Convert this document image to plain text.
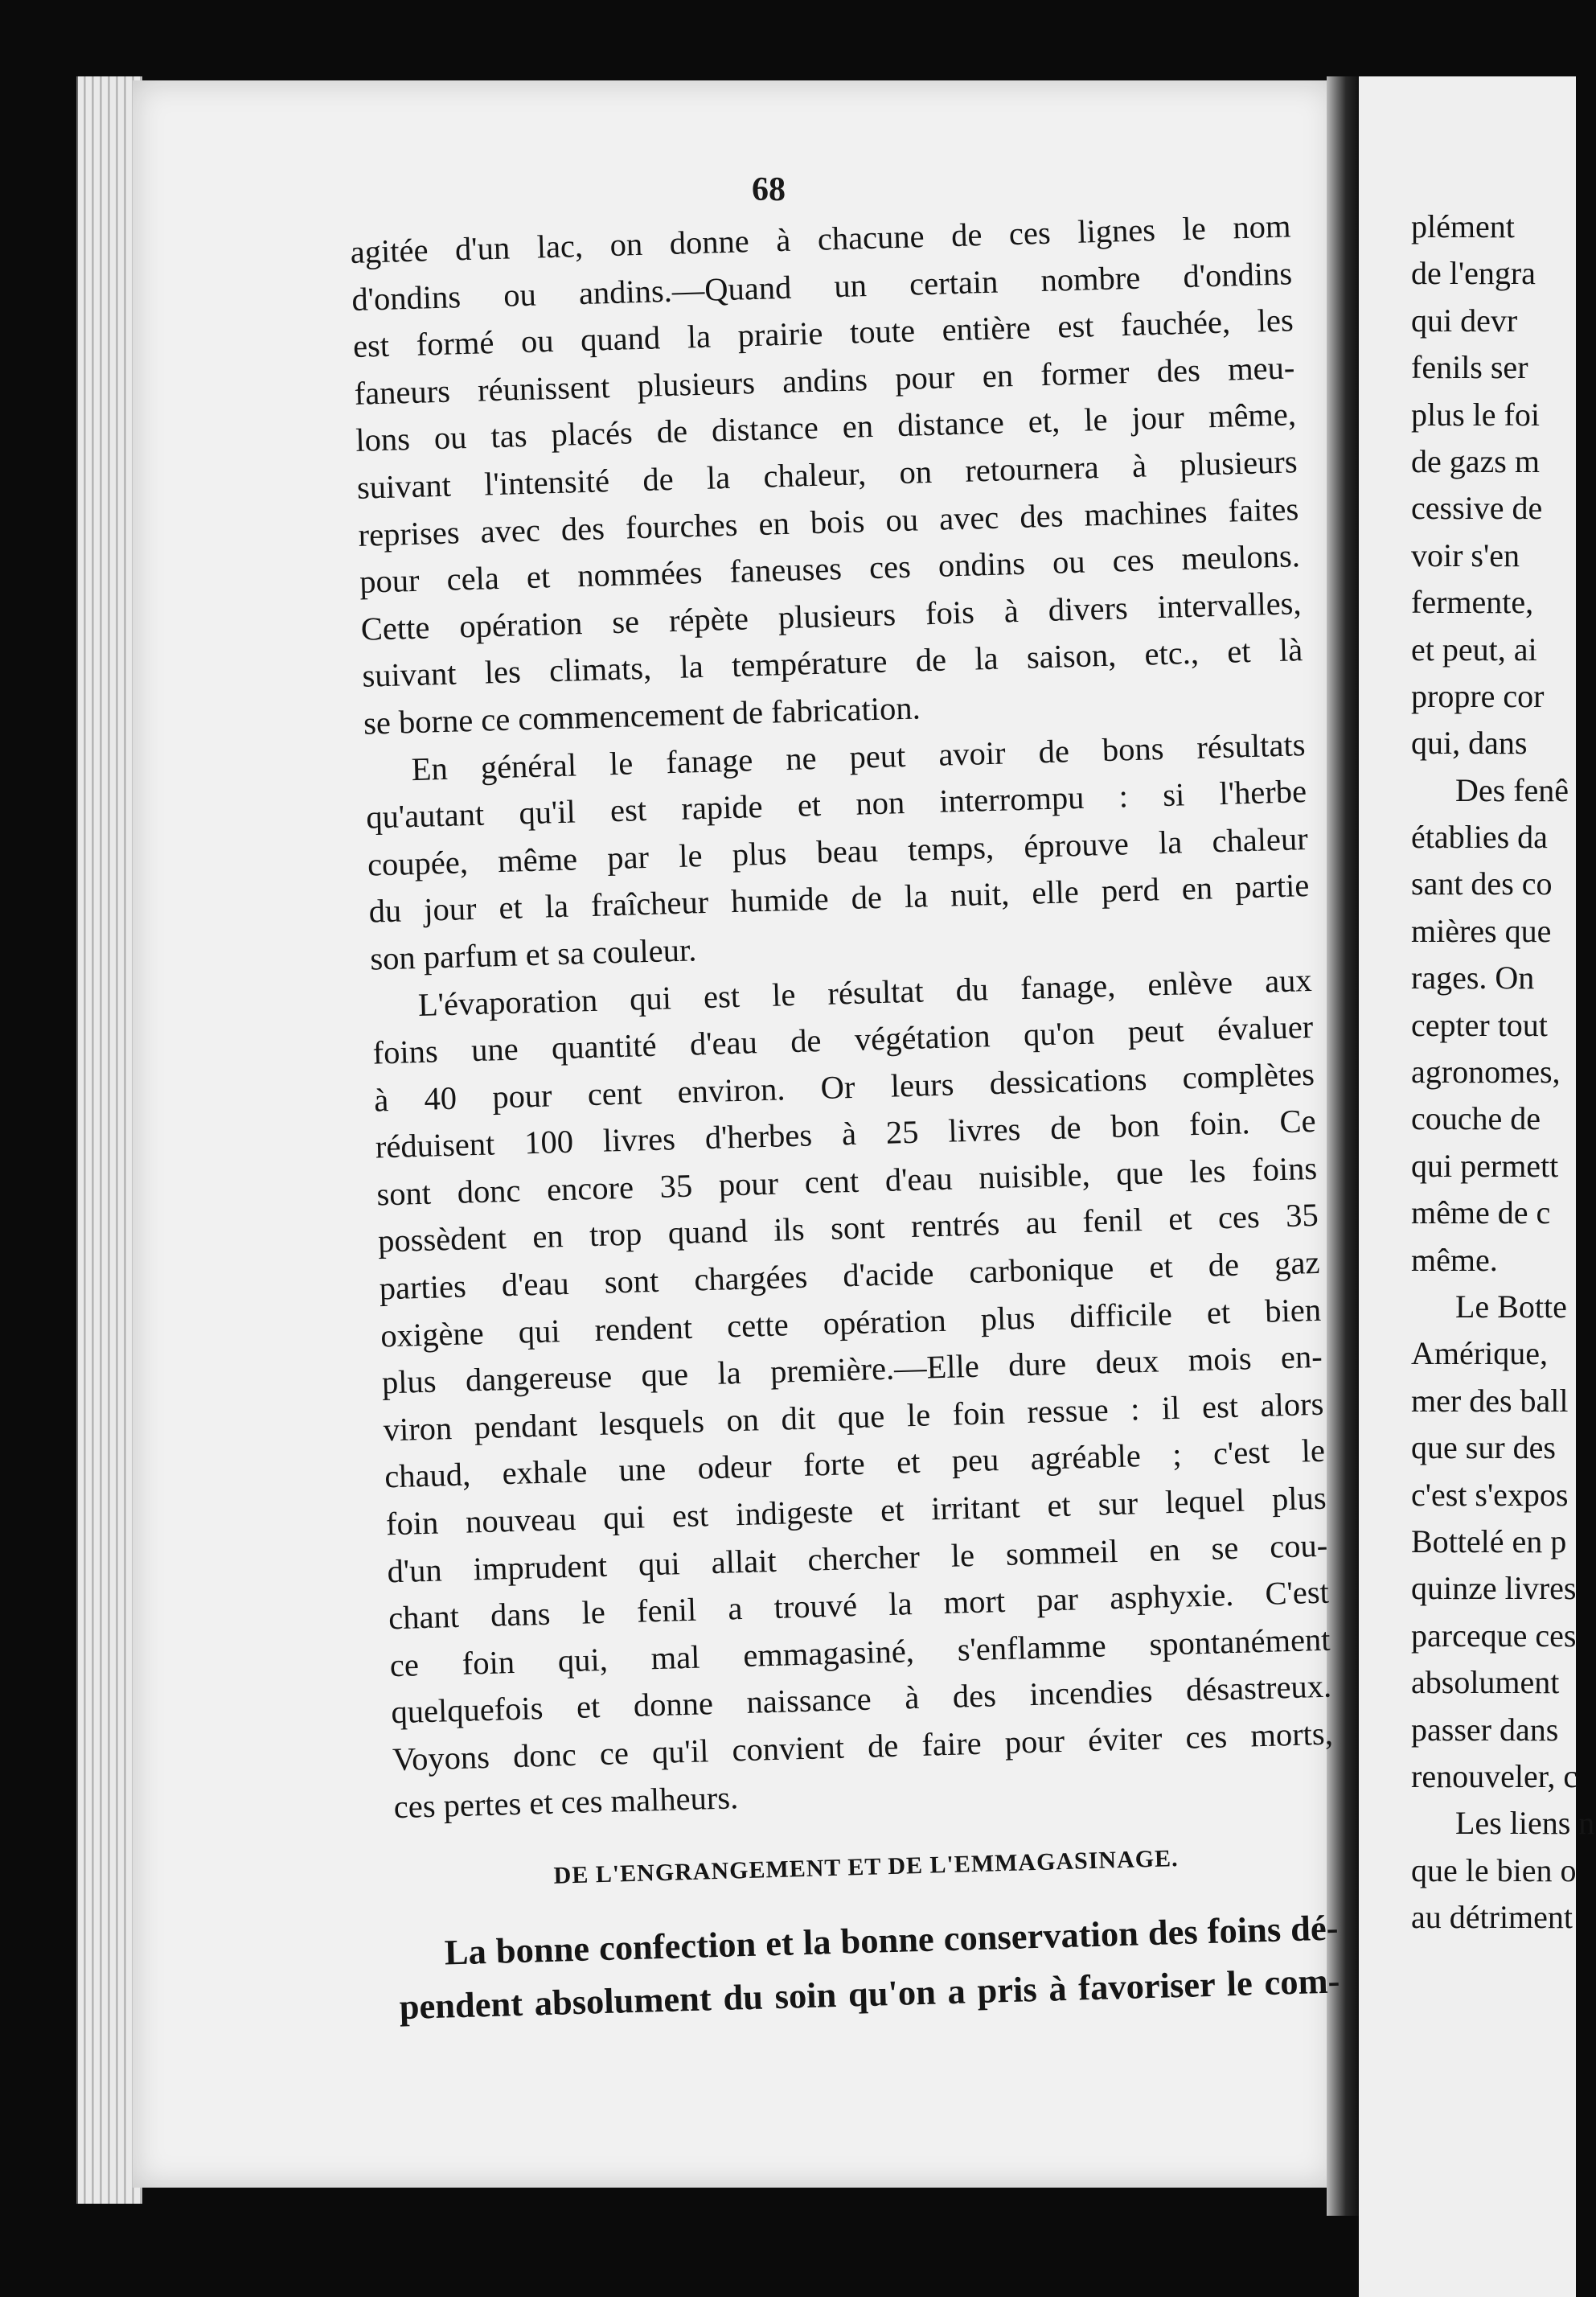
68
agitée d'un lac, on donne à chacune de ces lignes le nom
d'ondins ou andins.—Quand un certain nombre d'ondins
est formé ou quand la prairie toute entière est fauchée, les
faneurs réunissent plusieurs andins pour en former des meu-
lons ou tas placés de distance en distance et, le jour même,
suivant l'intensité de la chaleur, on retournera à plusieurs
reprises avec des fourches en bois ou avec des machines faites
pour cela et nommées faneuses ces ondins ou ces meulons.
Cette opération se répète plusieurs fois à divers intervalles,
suivant les climats, la température de la saison, etc., et là
se borne ce commencement de fabrication.
En général le fanage ne peut avoir de bons résultats
qu'autant qu'il est rapide et non interrompu : si l'herbe
coupée, même par le plus beau temps, éprouve la chaleur
du jour et la fraîcheur humide de la nuit, elle perd en partie
son parfum et sa couleur.
L'évaporation qui est le résultat du fanage, enlève aux
foins une quantité d'eau de végétation qu'on peut évaluer
à 40 pour cent environ. Or leurs dessications complètes
réduisent 100 livres d'herbes à 25 livres de bon foin. Ce
sont donc encore 35 pour cent d'eau nuisible, que les foins
possèdent en trop quand ils sont rentrés au fenil et ces 35
parties d'eau sont chargées d'acide carbonique et de gaz
oxigène qui rendent cette opération plus difficile et bien
plus dangereuse que la première.—Elle dure deux mois en-
viron pendant lesquels on dit que le foin ressue : il est alors
chaud, exhale une odeur forte et peu agréable ; c'est le
foin nouveau qui est indigeste et irritant et sur lequel plus
d'un imprudent qui allait chercher le sommeil en se cou-
chant dans le fenil a trouvé la mort par asphyxie. C'est
ce foin qui, mal emmagasiné, s'enflamme spontanément
quelquefois et donne naissance à des incendies désastreux.
Voyons donc ce qu'il convient de faire pour éviter ces morts,
ces pertes et ces malheurs.
DE L'ENGRANGEMENT ET DE L'EMMAGASINAGE.
La bonne confection et la bonne conservation des foins dé-
pendent absolument du soin qu'on a pris à favoriser le com-
plément
de l'engra
qui devr
fenils ser
plus le foi
de gazs m
cessive de
voir s'en
fermente,
et peut, ai
propre cor
qui, dans
Des fenê
établies da
sant des co
mières que
rages. On
cepter tout
agronomes,
couche de
qui permett
même de c
même.
Le Botte
Amérique,
mer des ball
que sur des
c'est s'expos
Bottelé en p
quinze livres
parceque ces
absolument
passer dans
renouveler, c
Les liens n
que le bien o
au détriment
